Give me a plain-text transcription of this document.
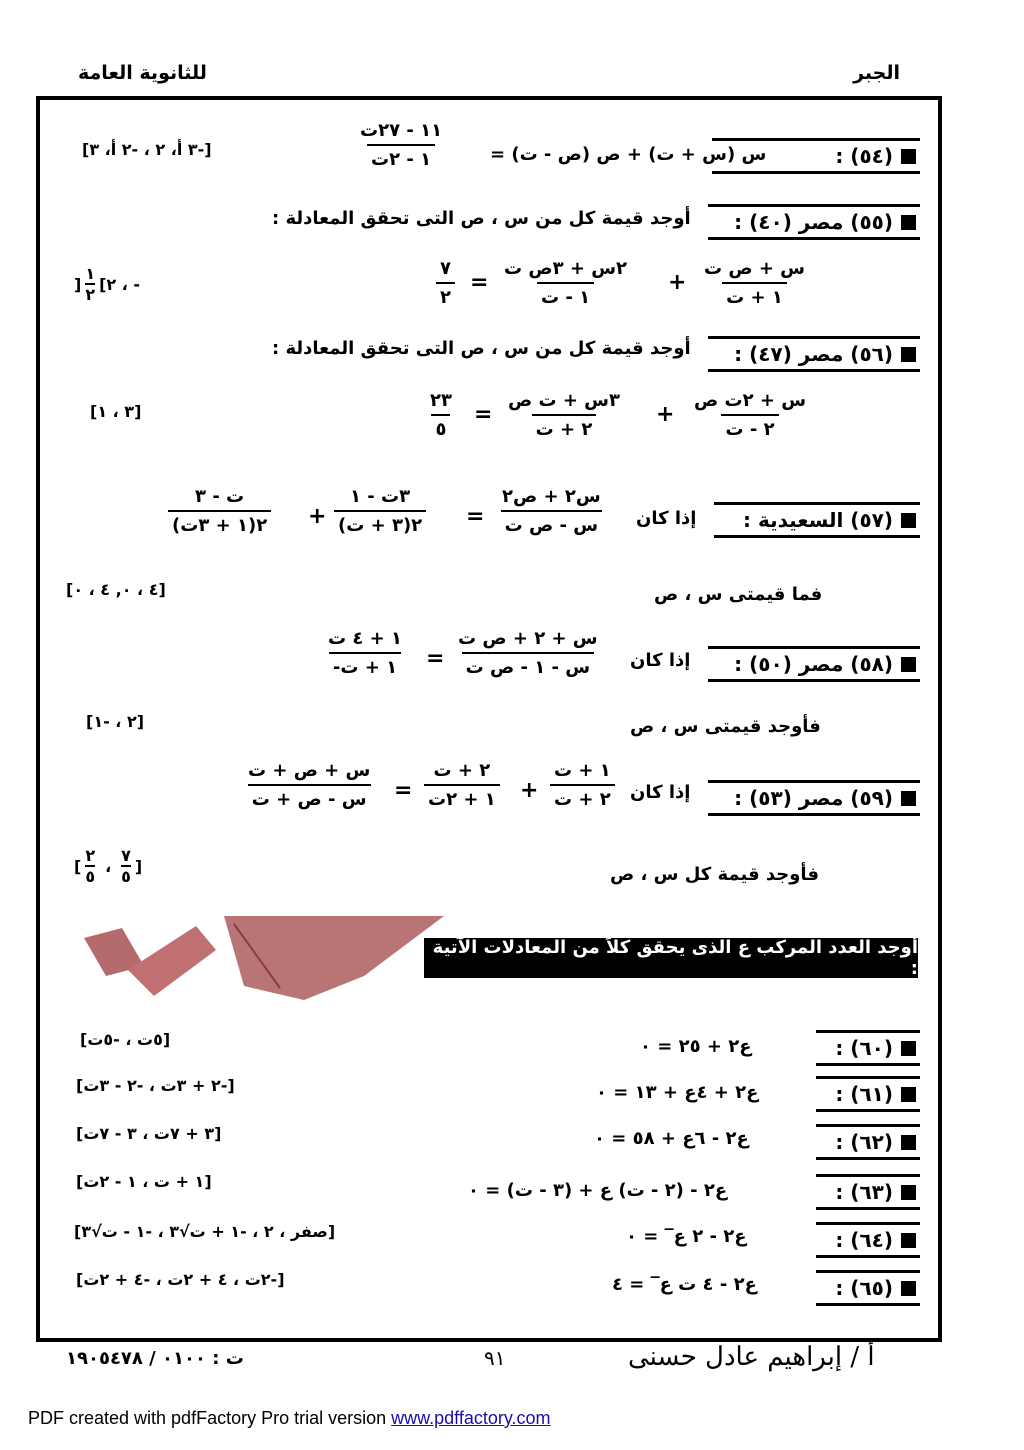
الجبر
للثانوية العامة
(٥٤) :
س (س + ت) + ص (ص - ت) =
١١ - ٢٧ت
١ - ٢ت
[-٣ أ، ٢ ، -٢ أ، ٣]
(٥٥) مصر (٤٠) :
أوجد قيمة كل من س ، ص التى تحقق المعادلة :
س + ص ت
١ + ت
+
٢س + ٣ص ت
١ - ت
=
٧
٢
]
١
٢
[٢ ، -
(٥٦) مصر (٤٧) :
أوجد قيمة كل من س ، ص التى تحقق المعادلة :
س + ٢ت ص
٢ - ت
+
٣س + ت ص
٢ + ت
=
٢٣
٥
[٣ ، ١]
(٥٧) السعيدية :
إذا كان
س٢ + ص٢
س - ص ت
=
٣ت - ١
(٣ + ت)٢
+
ت - ٣
(١ + ٣ت)٢
فما قيمتى س ، ص
[٤ ، ٠, ٤ ، ٠]
(٥٨) مصر (٥٠) :
إذا كان
س + ٢ + ص ت
س - ١ - ص ت
=
١ + ٤ ت
-١ + ت
فأوجد قيمتى س ، ص
[٢ ، -١]
(٥٩) مصر (٥٣) :
إذا كان
١ + ت
٢ + ت
+
٢ + ت
١ + ٢ت
=
س + ص + ت
س - ص + ت
فأوجد قيمة كل س ، ص
[
٢
٥
،
٧
٥
]
أوجد العدد المركب ع الذى يحقق كلاً من المعادلات الآتية :
(٦٠) :
ع٢ + ٢٥ = ٠
[٥ت ، -٥ت]
(٦١) :
ع٢ + ٤ع + ١٣ = ٠
[-٢ + ٣ت ، -٢ - ٣ت]
(٦٢) :
ع٢ - ٦ع + ٥٨ = ٠
[٣ + ٧ت ، ٣ - ٧ت]
(٦٣) :
ع٢ - (٢ - ت) ع + (٣ - ت) = ٠
[١ + ت ، ١ - ٢ت]
(٦٤) :
ع٢ - ٢ ع‾ = ٠
[صفر ، ٢ ، -١ + ت√٣ ، -١ - ت√٣]
(٦٥) :
ع٢ - ٤ ت ع‾ = ٤
[-٢ت ، ٤ + ٢ت ، -٤ + ٢ت]
أ / إبراهيم عادل حسنى
٩١
ت : ٠١٠٠ / ١٩٠٥٤٧٨
PDF created with pdfFactory Pro trial version www.pdffactory.com
